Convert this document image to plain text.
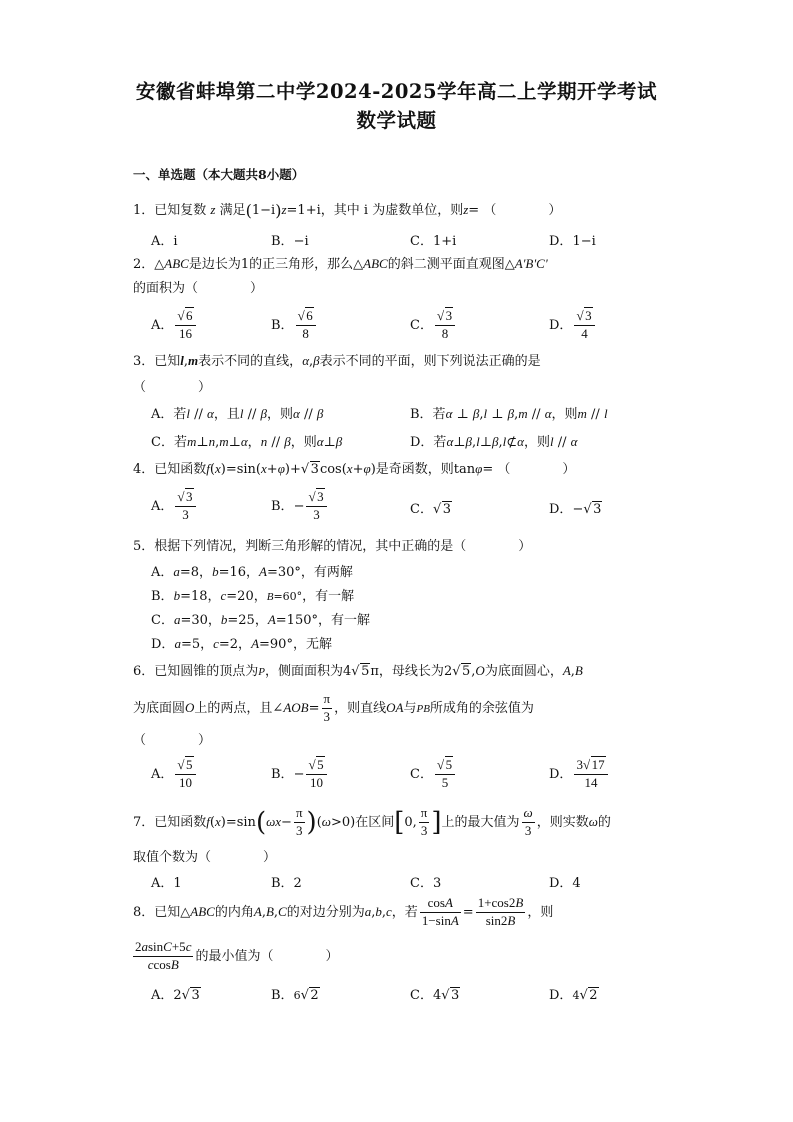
安徽省蚌埠第二中学2024-2025学年高二上学期开学考试
数学试题
一、单选题（本大题共8小题）
1．已知复数 z 满足(1−i)z=1+i，其中 i 为虚数单位，则z= （　　　　）
A．i	B．−i	C．1+i	D．1−i
2．△ABC是边长为1的正三角形，那么△ABC的斜二测平面直观图△A'B'C'
的面积为（　　　　）
A． $\frac{√ 6}{16}$	B． $\frac{√ 6}{8}$	C． $\frac{√ 3}{8}$	D． $\frac{√ 3}{4}$
3．已知l,m表示不同的直线，α,β表示不同的平面，则下列说法正确的是
（　　　　）
A．若l // α，且l // β，则α // β	B．若α ⊥ β,l ⊥ β,m // α，则m // l
C．若m⊥n,m⊥α，n // β，则α⊥β	D．若α⊥β,l⊥β,l⊄α，则l // α
4．已知函数f(x)=sin(x+φ)+√ 3cos(x+φ)是奇函数，则tanφ= （　　　　）
A． $\frac{√ 3}{3}$	B．− $\frac{√ 3}{3}$	C．√ 3	D．−√ 3
5．根据下列情况，判断三角形解的情况，其中正确的是（　　　　）
A．a=8，b=16，A=30°，有两解
B．b=18，c=20，B=60°，有一解
C．a=30，b=25，A=150°，有一解
D．a=5，c=2，A=90°，无解
6．已知圆锥的顶点为P，侧面面积为4√ 5π，母线长为2√ 5,O为底面圆心，A,B
为底面圆O上的两点，且∠AOB= $\frac{\pi}{3}$ ，则直线OA与PB所成角的余弦值为
（　　　　）
A． $\frac{√ 5}{10}$	B．− $\frac{√ 5}{10}$	C． $\frac{√ 5}{5}$	D． $\frac{3√ 17}{14}$
7．已知函数$f(x)=\sin(\omega x- \frac{\pi}{3} )(\omega>0)$在区间[0, $\frac{\pi}{3}$ ]上的最大值为 $\frac{\omega}{3}$ ，则实数ω的
取值个数为（　　　　）
A．1	B．2	C．3	D．4
8．已知△ABC的内角A,B,C的对边分别为a,b,c，若 $\frac{\cos A}{1-\sin A} = \frac{1+\cos 2B}{\sin 2B}$ ，则
$\frac{2asinC+5c}{ccosB}$ 的最小值为（　　　　）
A．2√ 3	B．6√ 2	C．4√ 3	D．4√ 2
